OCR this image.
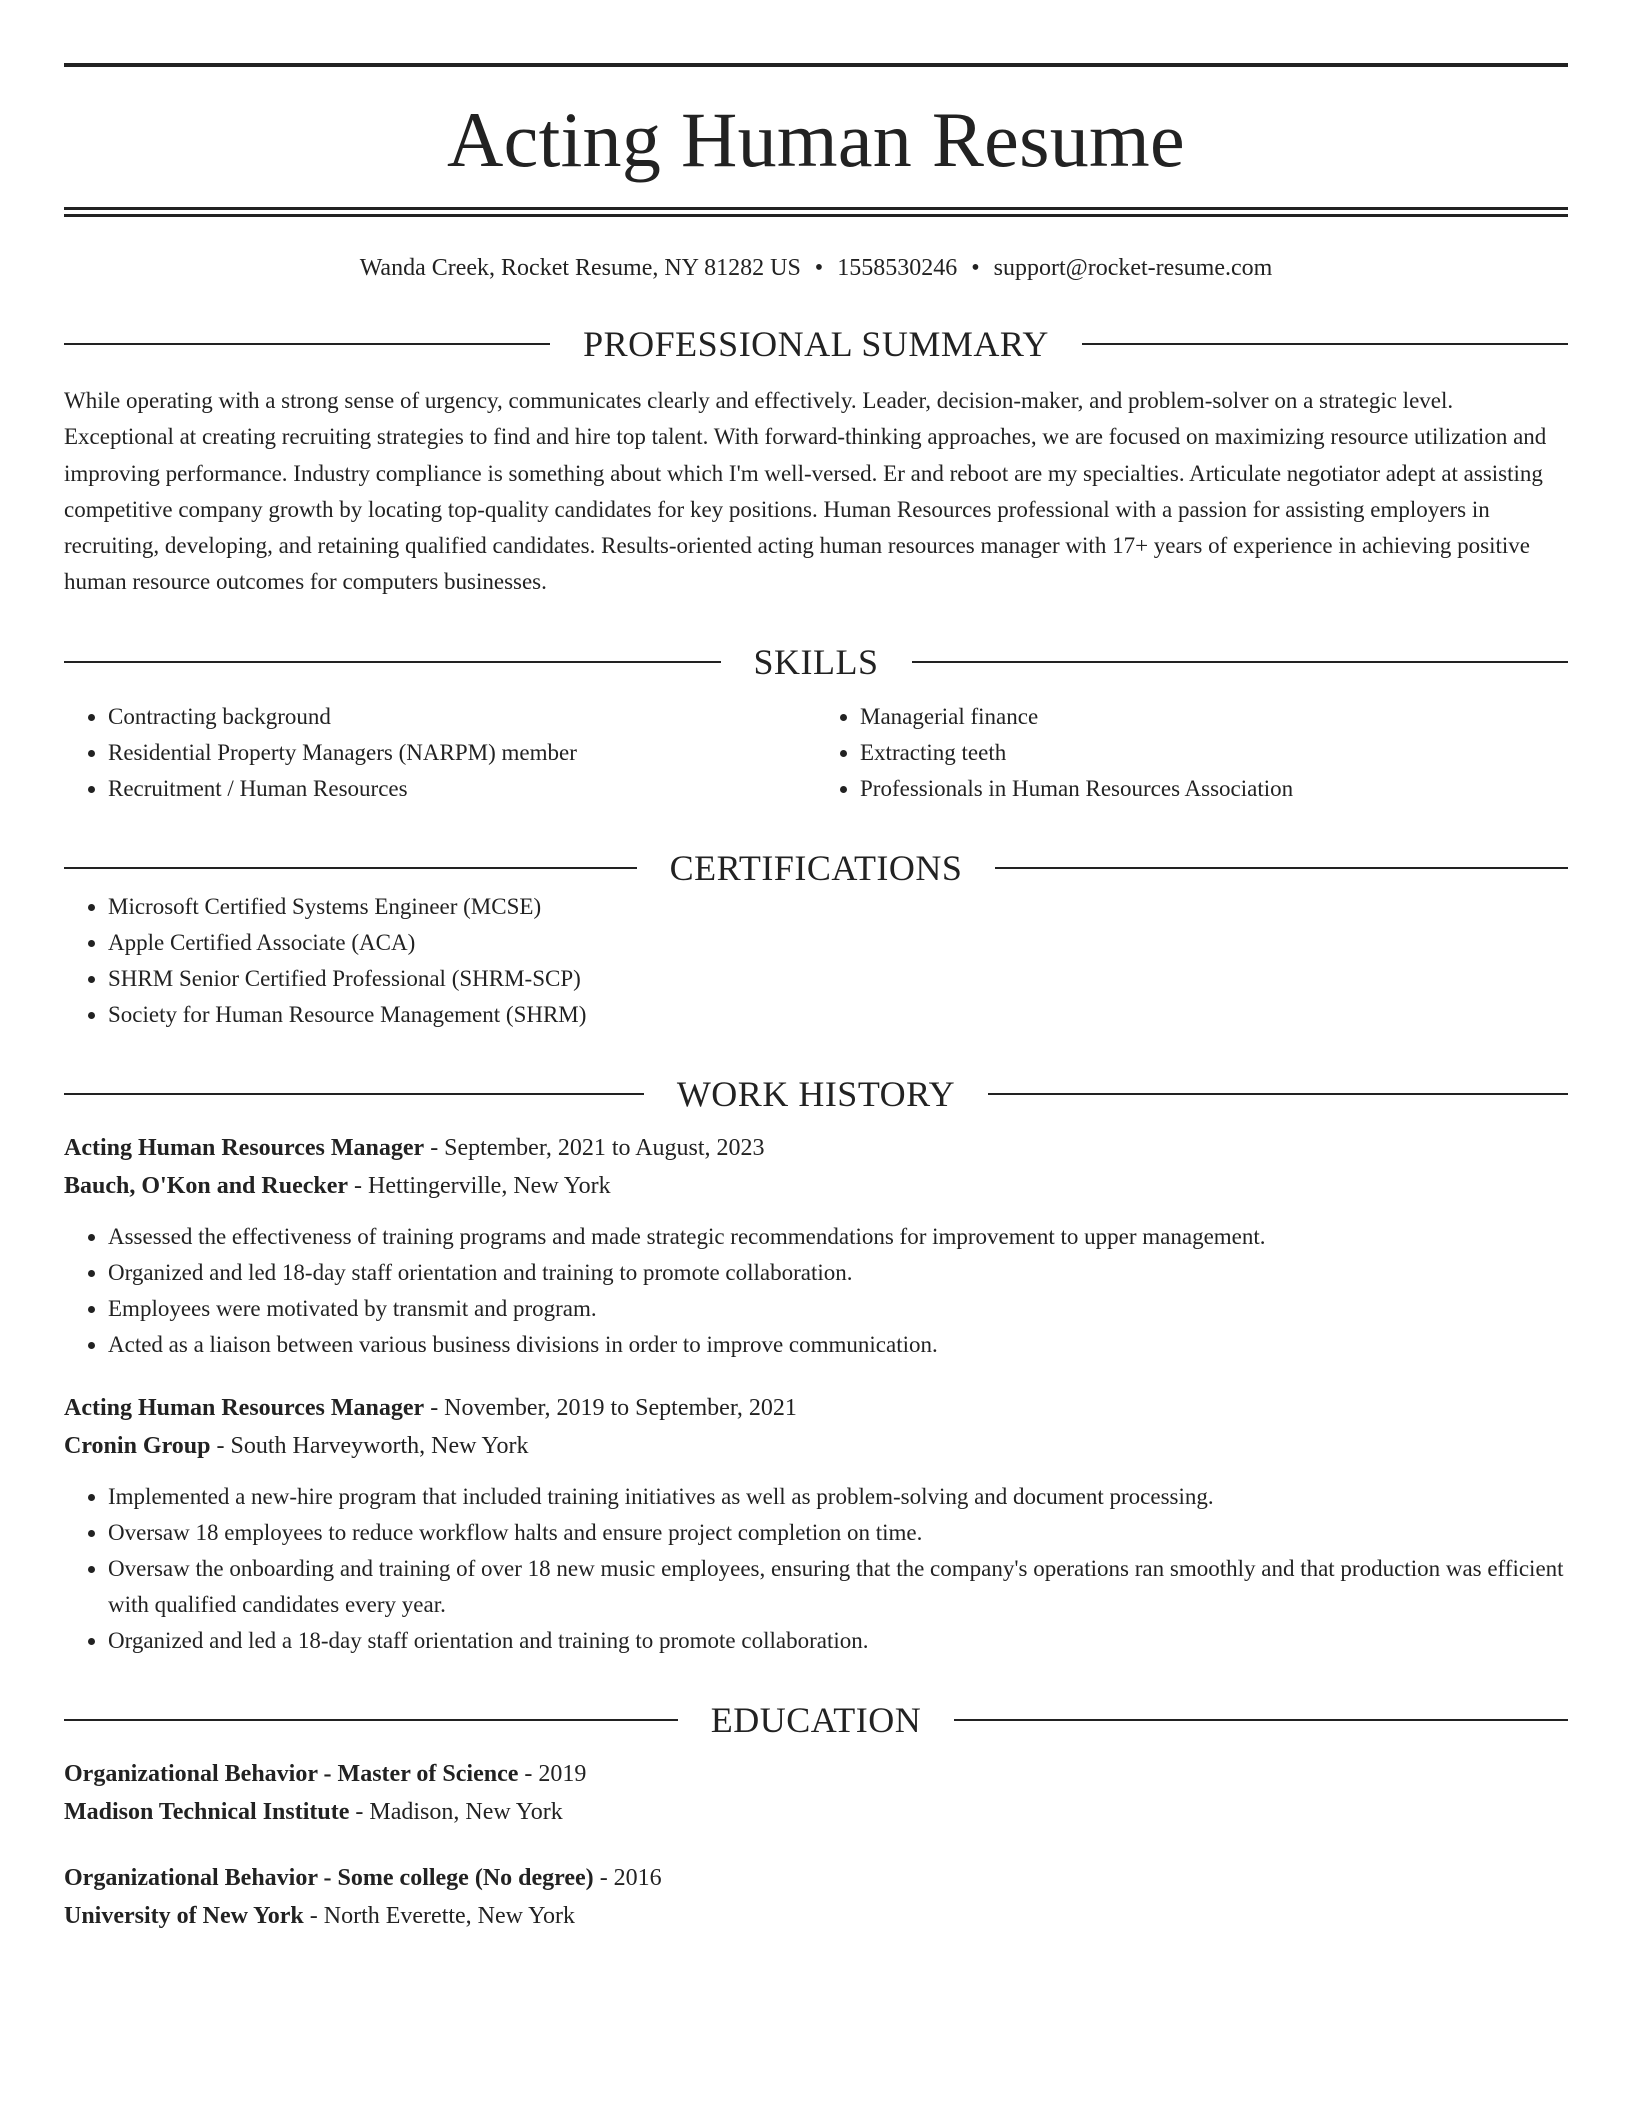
Acting Human Resume
Wanda Creek, Rocket Resume, NY 81282 US • 1558530246 • support@rocket-resume.com
PROFESSIONAL SUMMARY

While operating with a strong sense of urgency, communicates clearly and effectively. Leader, decision-maker, and problem-solver on a strategic level. Exceptional at creating recruiting strategies to find and hire top talent. With forward-thinking approaches, we are focused on maximizing resource utilization and improving performance. Industry compliance is something about which I'm well-versed. Er and reboot are my specialties. Articulate negotiator adept at assisting competitive company growth by locating top-quality candidates for key positions. Human Resources professional with a passion for assisting employers in recruiting, developing, and retaining qualified candidates. Results-oriented acting human resources manager with 17+ years of experience in achieving positive human resource outcomes for computers businesses.

SKILLS
• Contracting background
• Residential Property Managers (NARPM) member
• Recruitment / Human Resources
• Managerial finance
• Extracting teeth
• Professionals in Human Resources Association
CERTIFICATIONS
• Microsoft Certified Systems Engineer (MCSE)
• Apple Certified Associate (ACA)
• SHRM Senior Certified Professional (SHRM-SCP)
• Society for Human Resource Management (SHRM)
WORK HISTORY
Acting Human Resources Manager - September, 2021 to August, 2023
Bauch, O'Kon and Ruecker - Hettingerville, New York
• Assessed the effectiveness of training programs and made strategic recommendations for improvement to upper management.
• Organized and led 18-day staff orientation and training to promote collaboration.
• Employees were motivated by transmit and program.
• Acted as a liaison between various business divisions in order to improve communication.
Acting Human Resources Manager - November, 2019 to September, 2021
Cronin Group - South Harveyworth, New York
• Implemented a new-hire program that included training initiatives as well as problem-solving and document processing.
• Oversaw 18 employees to reduce workflow halts and ensure project completion on time.
• Oversaw the onboarding and training of over 18 new music employees, ensuring that the company's operations ran smoothly and that production was efficient with qualified candidates every year.
• Organized and led a 18-day staff orientation and training to promote collaboration.
EDUCATION
Organizational Behavior - Master of Science - 2019
Madison Technical Institute - Madison, New York
Organizational Behavior - Some college (No degree) - 2016
University of New York - North Everette, New York
